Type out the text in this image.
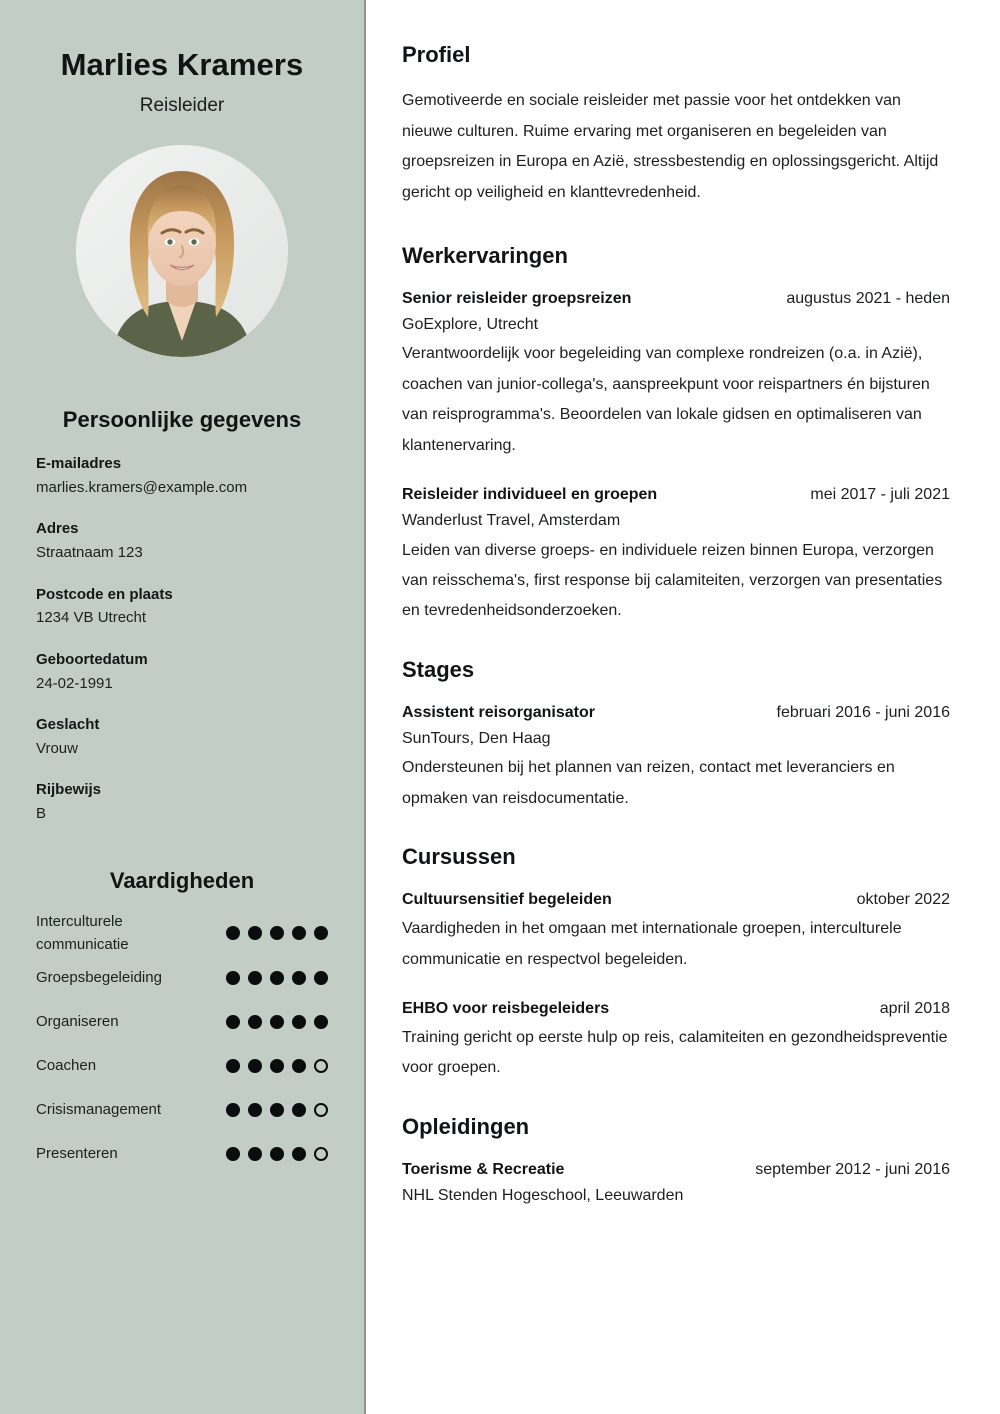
Marlies Kramers
Reisleider
Persoonlijke gegevens
E-mailadres
marlies.kramers@example.com
Adres
Straatnaam 123
Postcode en plaats
1234 VB Utrecht
Geboortedatum
24-02-1991
Geslacht
Vrouw
Rijbewijs
B
Vaardigheden
Interculturele communicatie
Groepsbegeleiding
Organiseren
Coachen
Crisismanagement
Presenteren
Profiel

Gemotiveerde en sociale reisleider met passie voor het ontdekken van nieuwe culturen. Ruime ervaring met organiseren en begeleiden van groepsreizen in Europa en Azië, stressbestendig en oplossingsgericht. Altijd gericht op veiligheid en klanttevredenheid.

Werkervaringen
Senior reisleider groepsreizen	augustus 2021 - heden
GoExplore, Utrecht
Verantwoordelijk voor begeleiding van complexe rondreizen (o.a. in Azië), coachen van junior-collega's, aanspreekpunt voor reispartners én bijsturen van reisprogramma's. Beoordelen van lokale gidsen en optimaliseren van klantenervaring.
Reisleider individueel en groepen	mei 2017 - juli 2021
Wanderlust Travel, Amsterdam
Leiden van diverse groeps- en individuele reizen binnen Europa, verzorgen van reisschema's, first response bij calamiteiten, verzorgen van presentaties en tevredenheidsonderzoeken.
Stages
Assistent reisorganisator	februari 2016 - juni 2016
SunTours, Den Haag
Ondersteunen bij het plannen van reizen, contact met leveranciers en opmaken van reisdocumentatie.
Cursussen
Cultuursensitief begeleiden	oktober 2022
Vaardigheden in het omgaan met internationale groepen, interculturele communicatie en respectvol begeleiden.
EHBO voor reisbegeleiders	april 2018
Training gericht op eerste hulp op reis, calamiteiten en gezondheidspreventie voor groepen.
Opleidingen
Toerisme & Recreatie	september 2012 - juni 2016
NHL Stenden Hogeschool, Leeuwarden
